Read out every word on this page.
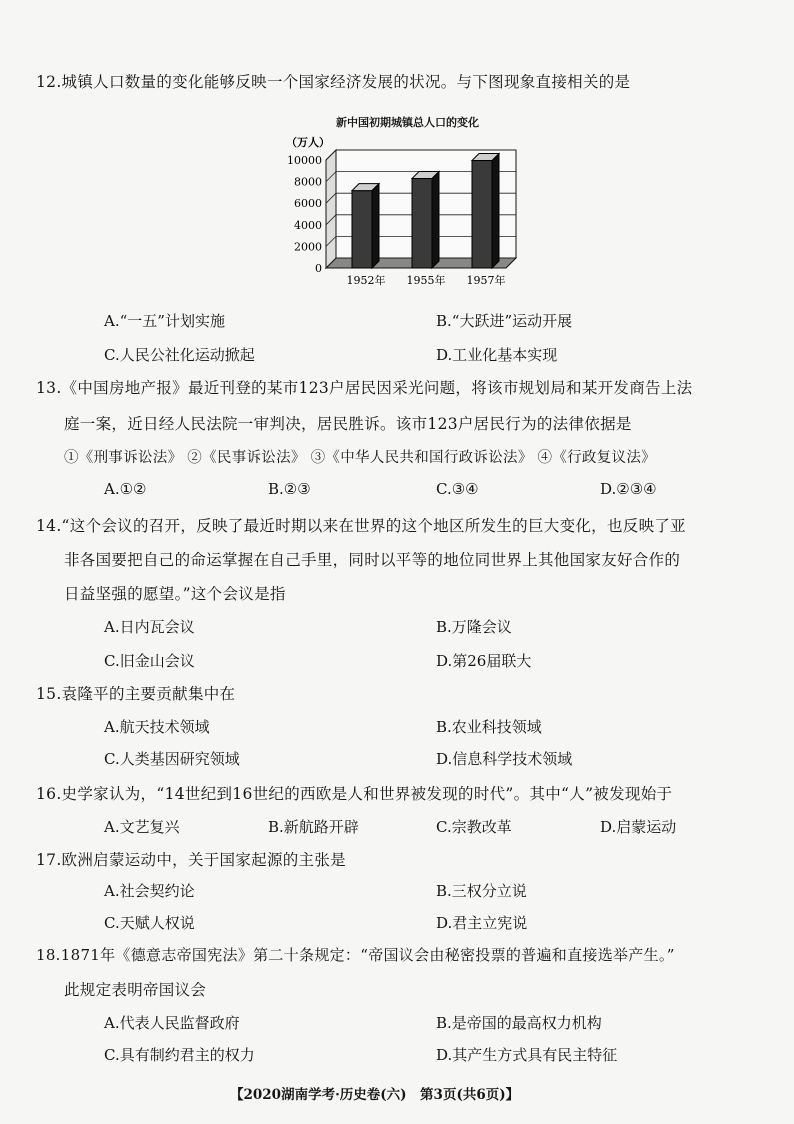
12.城镇人口数量的变化能够反映一个国家经济发展的状况。与下图现象直接相关的是
新中国初期城镇总人口的变化
（万人）
0
2000
4000
6000
8000
10000
1952年 1955年 1957年
A.“一五”计划实施	B.“大跃进”运动开展
C.人民公社化运动掀起	D.工业化基本实现
13.《中国房地产报》最近刊登的某市123户居民因采光问题，将该市规划局和某开发商告上法
庭一案，近日经人民法院一审判决，居民胜诉。该市123户居民行为的法律依据是
①《刑事诉讼法》 ②《民事诉讼法》 ③《中华人民共和国行政诉讼法》 ④《行政复议法》
A.①②	B.②③	C.③④	D.②③④
14.“这个会议的召开，反映了最近时期以来在世界的这个地区所发生的巨大变化，也反映了亚
非各国要把自己的命运掌握在自己手里，同时以平等的地位同世界上其他国家友好合作的
日益坚强的愿望。”这个会议是指
A.日内瓦会议	B.万隆会议
C.旧金山会议	D.第26届联大
15.袁隆平的主要贡献集中在
A.航天技术领域	B.农业科技领域
C.人类基因研究领域	D.信息科学技术领域
16.史学家认为，“14世纪到16世纪的西欧是人和世界被发现的时代”。其中“人”被发现始于
A.文艺复兴	B.新航路开辟	C.宗教改革	D.启蒙运动
17.欧洲启蒙运动中，关于国家起源的主张是
A.社会契约论	B.三权分立说
C.天赋人权说	D.君主立宪说
18.1871年《德意志帝国宪法》第二十条规定：“帝国议会由秘密投票的普遍和直接选举产生。”
此规定表明帝国议会
A.代表人民监督政府	B.是帝国的最高权力机构
C.具有制约君主的权力	D.其产生方式具有民主特征
【2020湖南学考·历史卷(六)　第3页(共6页)】
